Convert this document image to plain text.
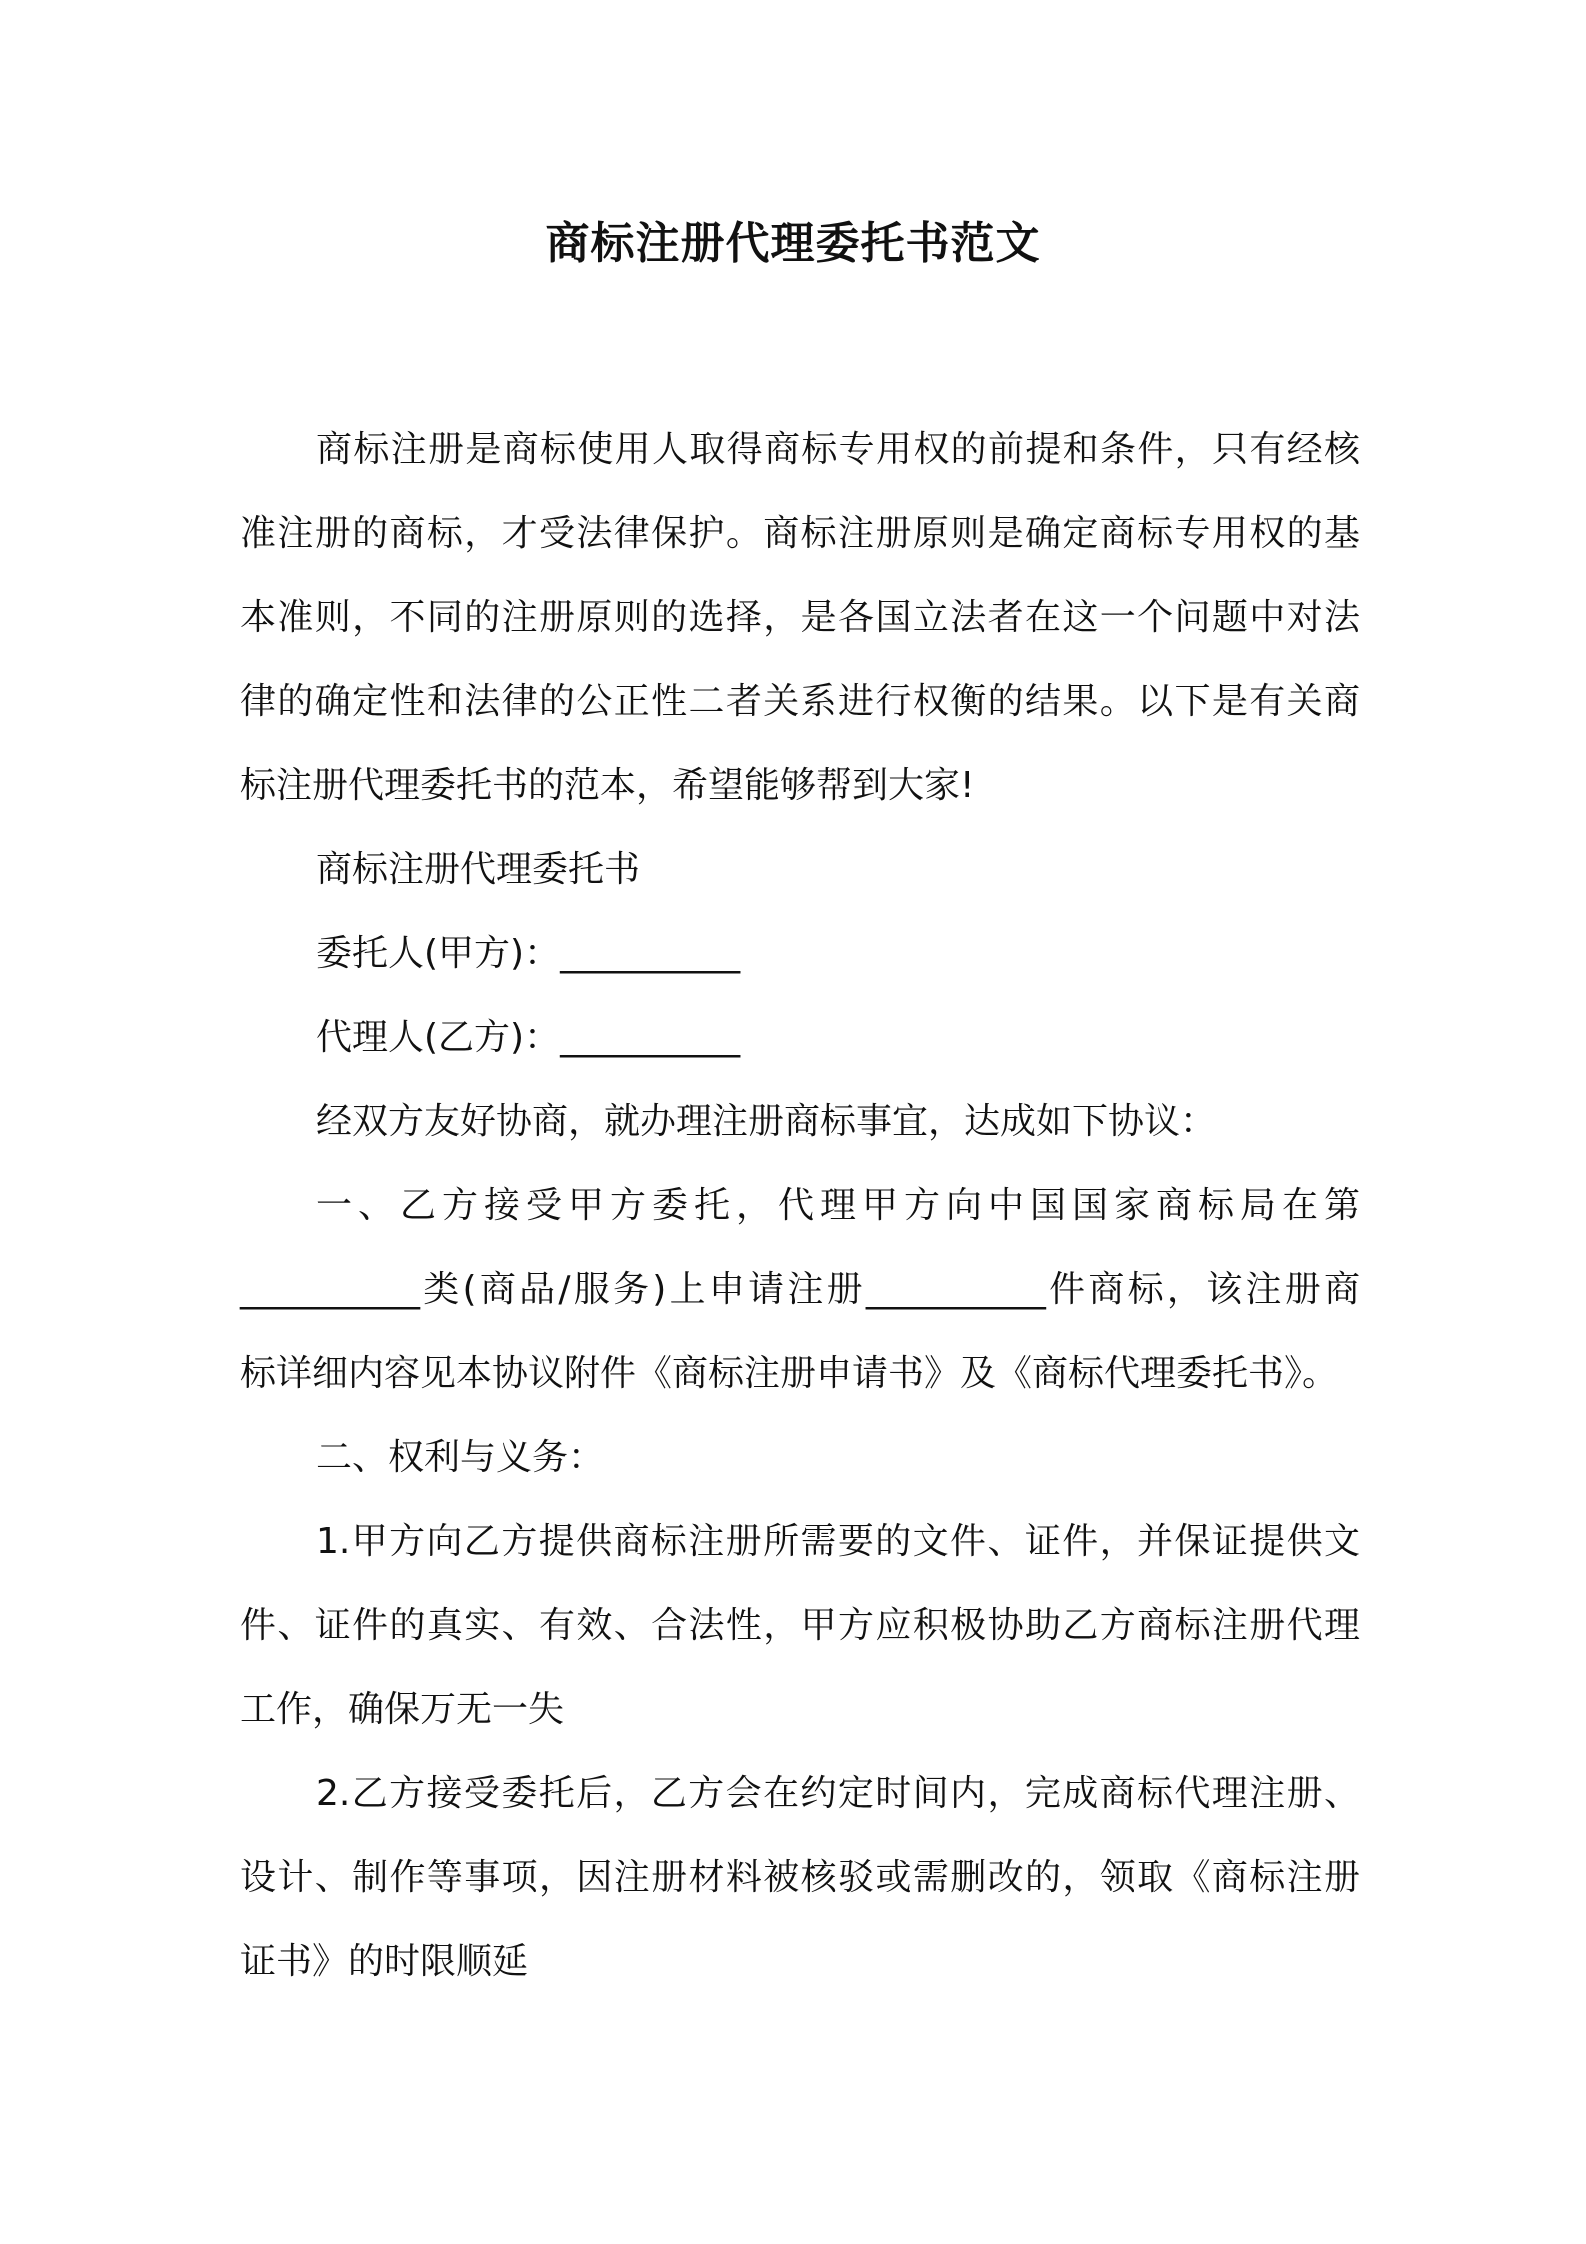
商标注册代理委托书范文
商标注册是商标使用人取得商标专用权的前提和条件，只有经核
准注册的商标，才受法律保护。商标注册原则是确定商标专用权的基
本准则，不同的注册原则的选择，是各国立法者在这一个问题中对法
律的确定性和法律的公正性二者关系进行权衡的结果。以下是有关商
标注册代理委托书的范本，希望能够帮到大家!
商标注册代理委托书
委托人(甲方)：__________
代理人(乙方)：__________
经双方友好协商，就办理注册商标事宜，达成如下协议：
一、乙方接受甲方委托，代理甲方向中国国家商标局在第
__________类(商品/服务)上申请注册__________件商标，该注册商
标详细内容见本协议附件《商标注册申请书》及《商标代理委托书》。
二、权利与义务：
1.甲方向乙方提供商标注册所需要的文件、证件，并保证提供文
件、证件的真实、有效、合法性，甲方应积极协助乙方商标注册代理
工作，确保万无一失
2.乙方接受委托后，乙方会在约定时间内，完成商标代理注册、
设计、制作等事项，因注册材料被核驳或需删改的，领取《商标注册
证书》的时限顺延
